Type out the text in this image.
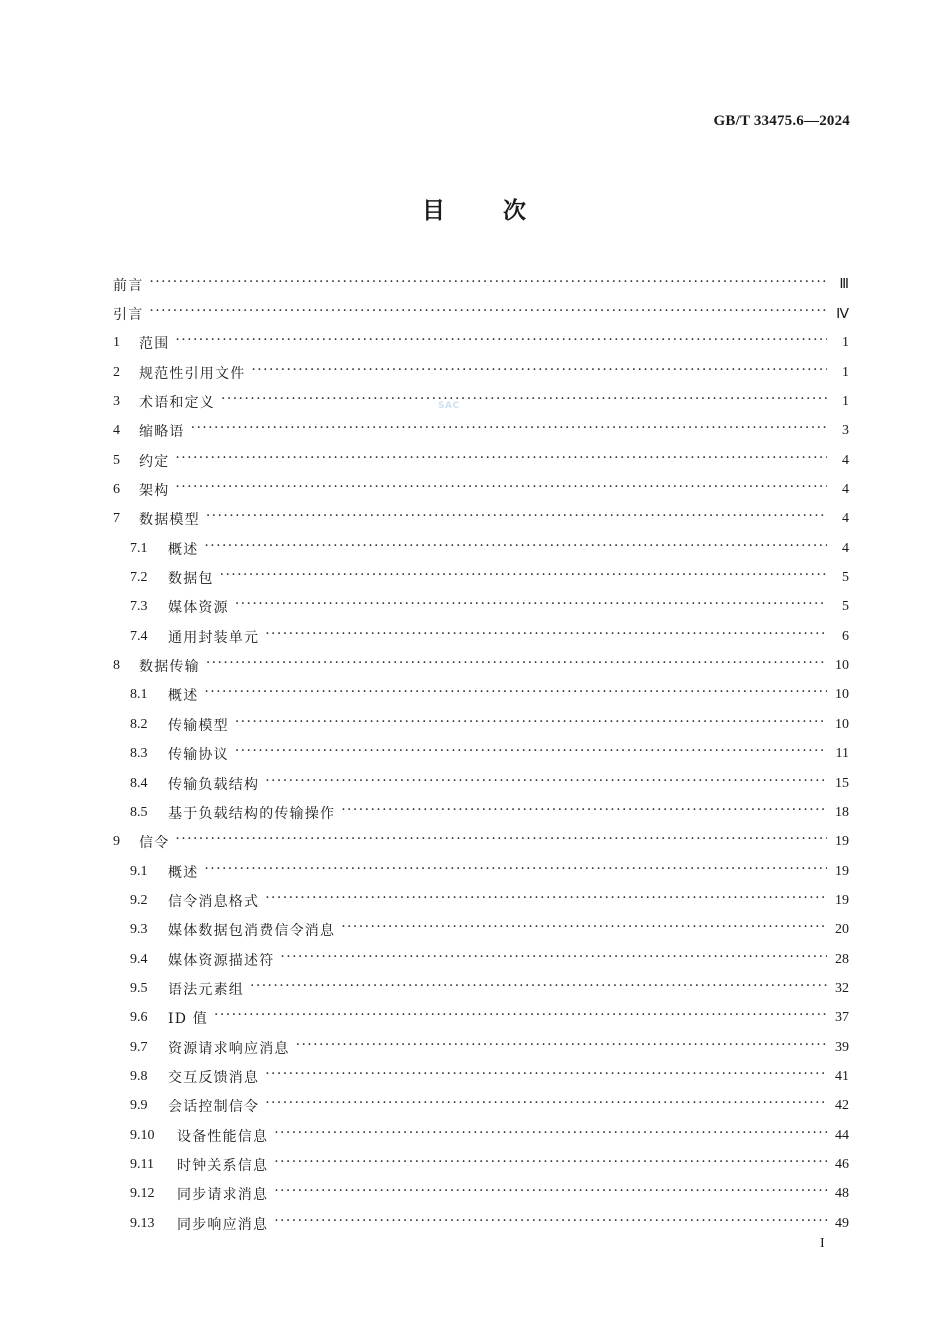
GB/T 33475.6—2024
目 次
SAC
前言 ·····	Ⅲ
引言 ·····	Ⅳ
1	范围 ·····	1
2	规范性引用文件 ·····	1
3	术语和定义 ·····	1
4	缩略语 ·····	3
5	约定 ·····	4
6	架构 ·····	4
7	数据模型 ·····	4
7.1	概述 ·····	4
7.2	数据包 ·····	5
7.3	媒体资源 ·····	5
7.4	通用封装单元 ·····	6
8	数据传输 ·····	10
8.1	概述 ·····	10
8.2	传输模型 ·····	10
8.3	传输协议 ·····	11
8.4	传输负载结构 ·····	15
8.5	基于负载结构的传输操作 ·····	18
9	信令 ·····	19
9.1	概述 ·····	19
9.2	信令消息格式 ·····	19
9.3	媒体数据包消费信令消息 ·····	20
9.4	媒体资源描述符 ·····	28
9.5	语法元素组 ·····	32
9.6	ID 值 ·····	37
9.7	资源请求响应消息 ·····	39
9.8	交互反馈消息 ·····	41
9.9	会话控制信令 ·····	42
9.10	设备性能信息 ·····	44
9.11	时钟关系信息 ·····	46
9.12	同步请求消息 ·····	48
9.13	同步响应消息 ·····	49
I
